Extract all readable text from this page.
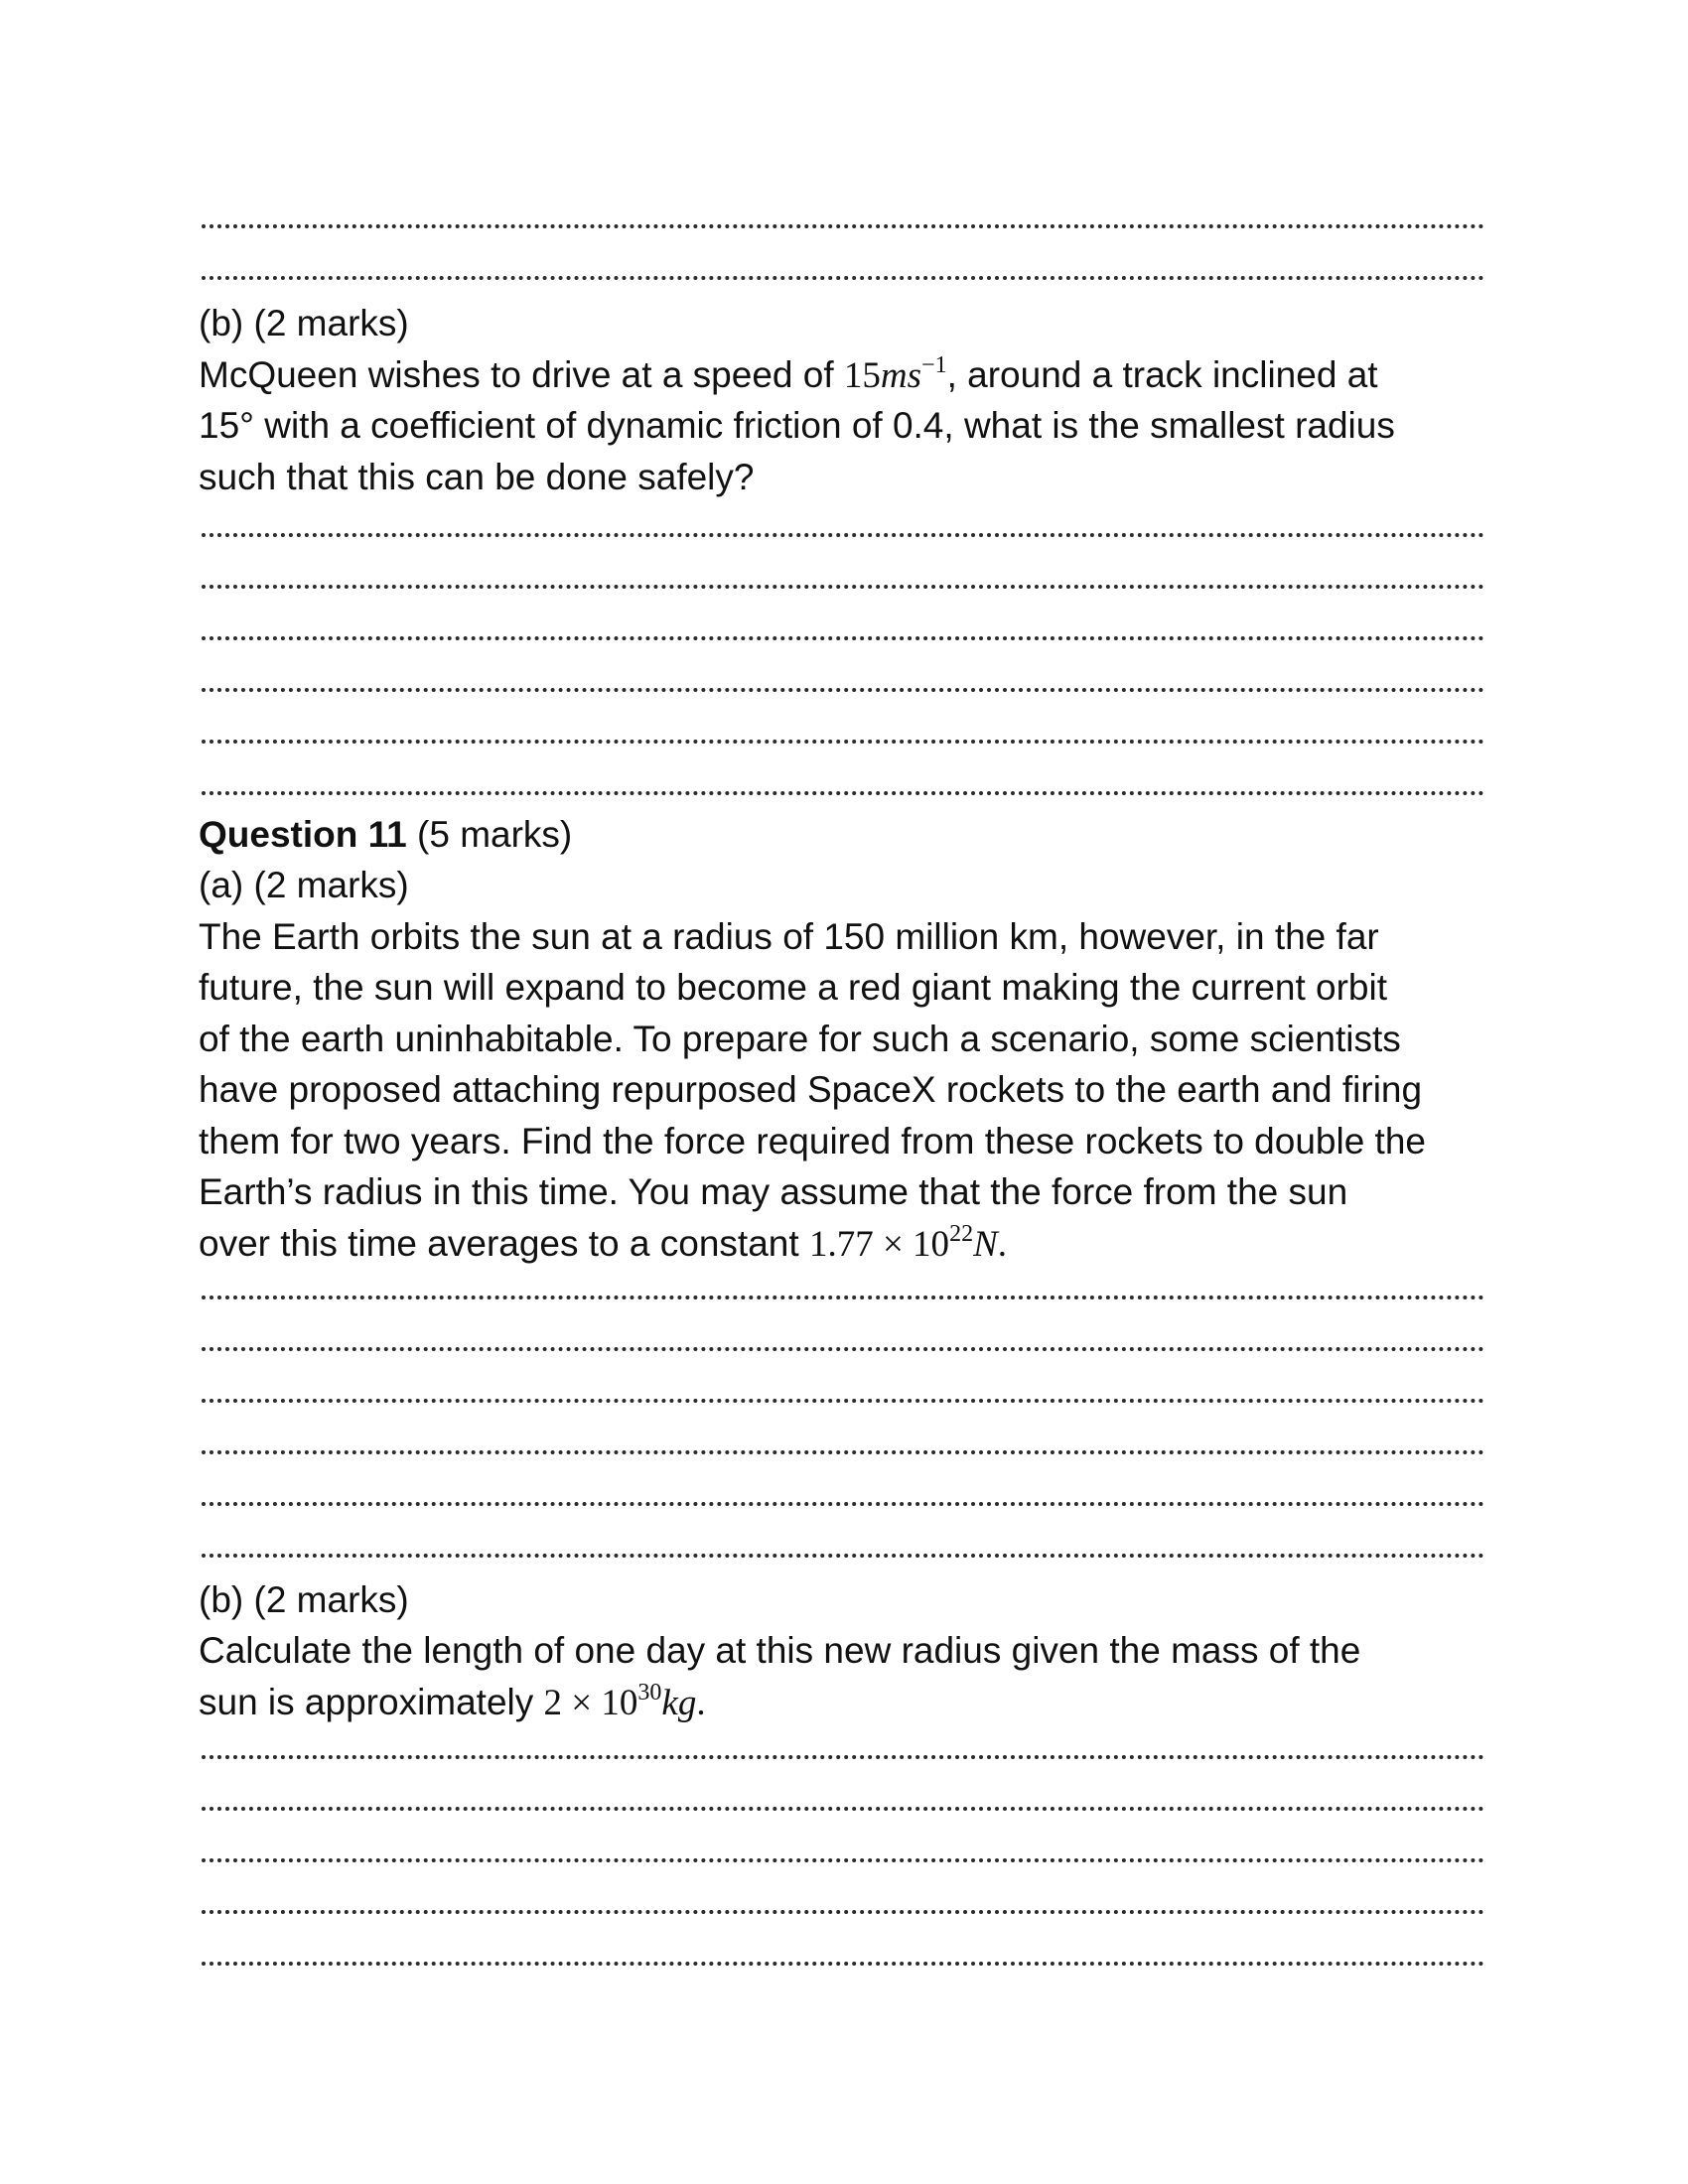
(b) (2 marks)

McQueen wishes to drive at a speed of $15ms^{-1}$, around a track inclined at

15° with a coefficient of dynamic friction of 0.4, what is the smallest radius

such that this can be done safely?

Question 11 (5 marks)

(a) (2 marks)

The Earth orbits the sun at a radius of 150 million km, however, in the far

future, the sun will expand to become a red giant making the current orbit

of the earth uninhabitable. To prepare for such a scenario, some scientists

have proposed attaching repurposed SpaceX rockets to the earth and firing

them for two years. Find the force required from these rockets to double the

Earth’s radius in this time. You may assume that the force from the sun

over this time averages to a constant $1.77 \times 10^{22}N$.

(b) (2 marks)

Calculate the length of one day at this new radius given the mass of the

sun is approximately $2 \times 10^{30}kg$.
